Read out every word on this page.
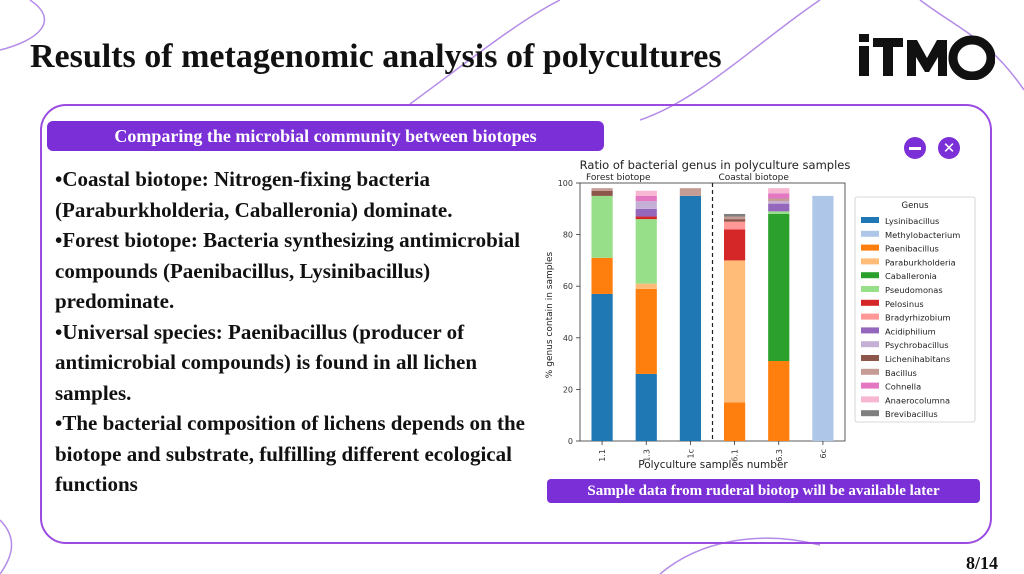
Results of metagenomic analysis of polycultures
Comparing the microbial community between biotopes
✕
•Coastal biotope: Nitrogen-fixing bacteria (Paraburkholderia, Caballeronia) dominate.
•Forest biotope: Bacteria synthesizing antimicrobial compounds (Paenibacillus, Lysinibacillus) predominate.
•Universal species: Paenibacillus (producer of antimicrobial compounds) is found in all lichen samples.
•The bacterial composition of lichens depends on the biotope and substrate, fulfilling different ecological functions
Ratio of bacterial genus in polyculture samples
0
20
40
60
80
100
1.1	1.3	1c	6.1	6.3	6c
Forest biotope	Coastal biotope
Polyculture samples number
% genus contain in samples
Genus
Lysinibacillus
Methylobacterium
Paenibacillus
Paraburkholderia
Caballeronia
Pseudomonas
Pelosinus
Bradyrhizobium
Acidiphilium
Psychrobacillus
Lichenihabitans
Bacillus
Cohnella
Anaerocolumna
Brevibacillus
Sample data from ruderal biotop will be available later
8/14
